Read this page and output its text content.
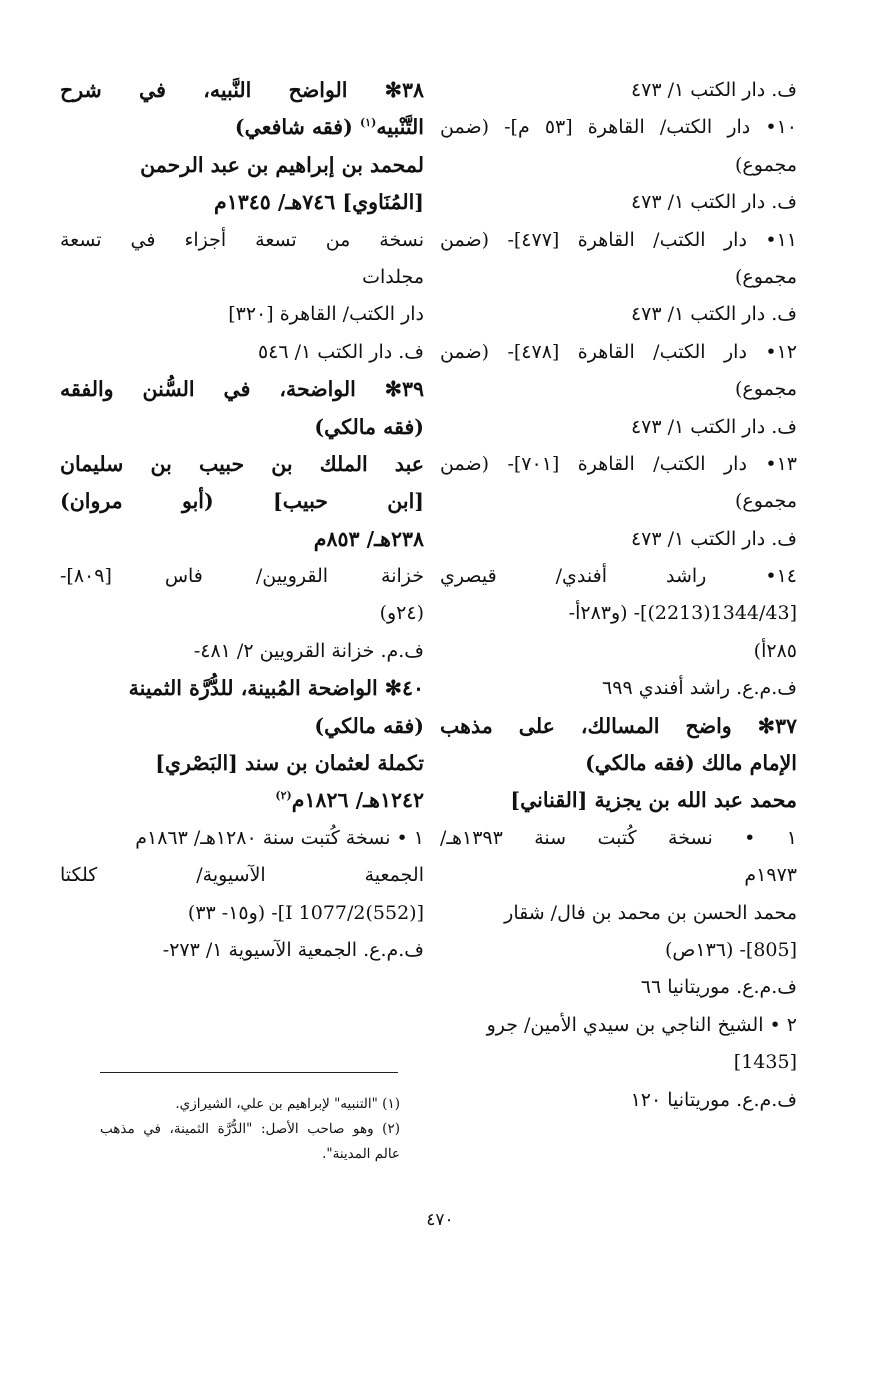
ف. دار الكتب ١/ ٤٧٣
١٠• دار الكتب/ القاهرة [٥٣ م]- (ضمن
مجموع)
ف. دار الكتب ١/ ٤٧٣
١١• دار الكتب/ القاهرة [٤٧٧]- (ضمن
مجموع)
ف. دار الكتب ١/ ٤٧٣
١٢• دار الكتب/ القاهرة [٤٧٨]- (ضمن
مجموع)
ف. دار الكتب ١/ ٤٧٣
١٣• دار الكتب/ القاهرة [٧٠١]- (ضمن
مجموع)
ف. دار الكتب ١/ ٤٧٣
١٤• راشد أفندي/ قيصري
[1344/43(2213)]- (و٢٨٣أ-
٢٨٥أ)
ف.م.ع. راشد أفندي ٦٩٩
٣٧✻ واضح المسالك، على مذهب
الإمام مالك (فقه مالكي)
محمد عبد الله بن يجزية [القناني]
١ • نسخة كُتبت سنة ١٣٩٣هـ/
١٩٧٣م
محمد الحسن بن محمد بن فال/ شقار
[805]- (١٣٦ص)
ف.م.ع. موريتانيا ٦٦
٢ • الشيخ الناجي بن سيدي الأمين/ جرو
[1435]
ف.م.ع. موريتانيا ١٢٠
٣٨✻ الواضح النَّبيه، في شرح
التَّنْبيه$^{(١)}$ (فقه شافعي)
لمحمد بن إبراهيم بن عبد الرحمن
[المُنَاوي] ٧٤٦هـ/ ١٣٤٥م
نسخة من تسعة أجزاء في تسعة
مجلدات
دار الكتب/ القاهرة [٣٢٠]
ف. دار الكتب ١/ ٥٤٦
٣٩✻ الواضحة، في السُّنن والفقه
(فقه مالكي)
عبد الملك بن حبيب بن سليمان
[ابن حبيب] (أبو مروان)
٢٣٨هـ/ ٨٥٣م
خزانة القرويين/ فاس [٨٠٩]-
(٢٤و)
ف.م. خزانة القرويين ٢/ ٤٨١-
٤٠✻ الواضحة المُبينة، للدُّرَّة الثمينة
(فقه مالكي)
تكملة لعثمان بن سند [البَصْري]
١٢٤٢هـ/ ١٨٢٦م$^{(٢)}$
١ • نسخة كُتبت سنة ١٢٨٠هـ/ ١٨٦٣م
الجمعية الآسيوية/ كلكتا
[I 1077/2(552)]- (و١٥- ٣٣)
ف.م.ع. الجمعية الآسيوية ١/ ٢٧٣-
(١) "التنبيه" لإبراهيم بن علي، الشيرازي.
(٢) وهو صاحب الأصل: "الدُّرَّة الثمينة، في مذهب
عالم المدينة".
٤٧٠
